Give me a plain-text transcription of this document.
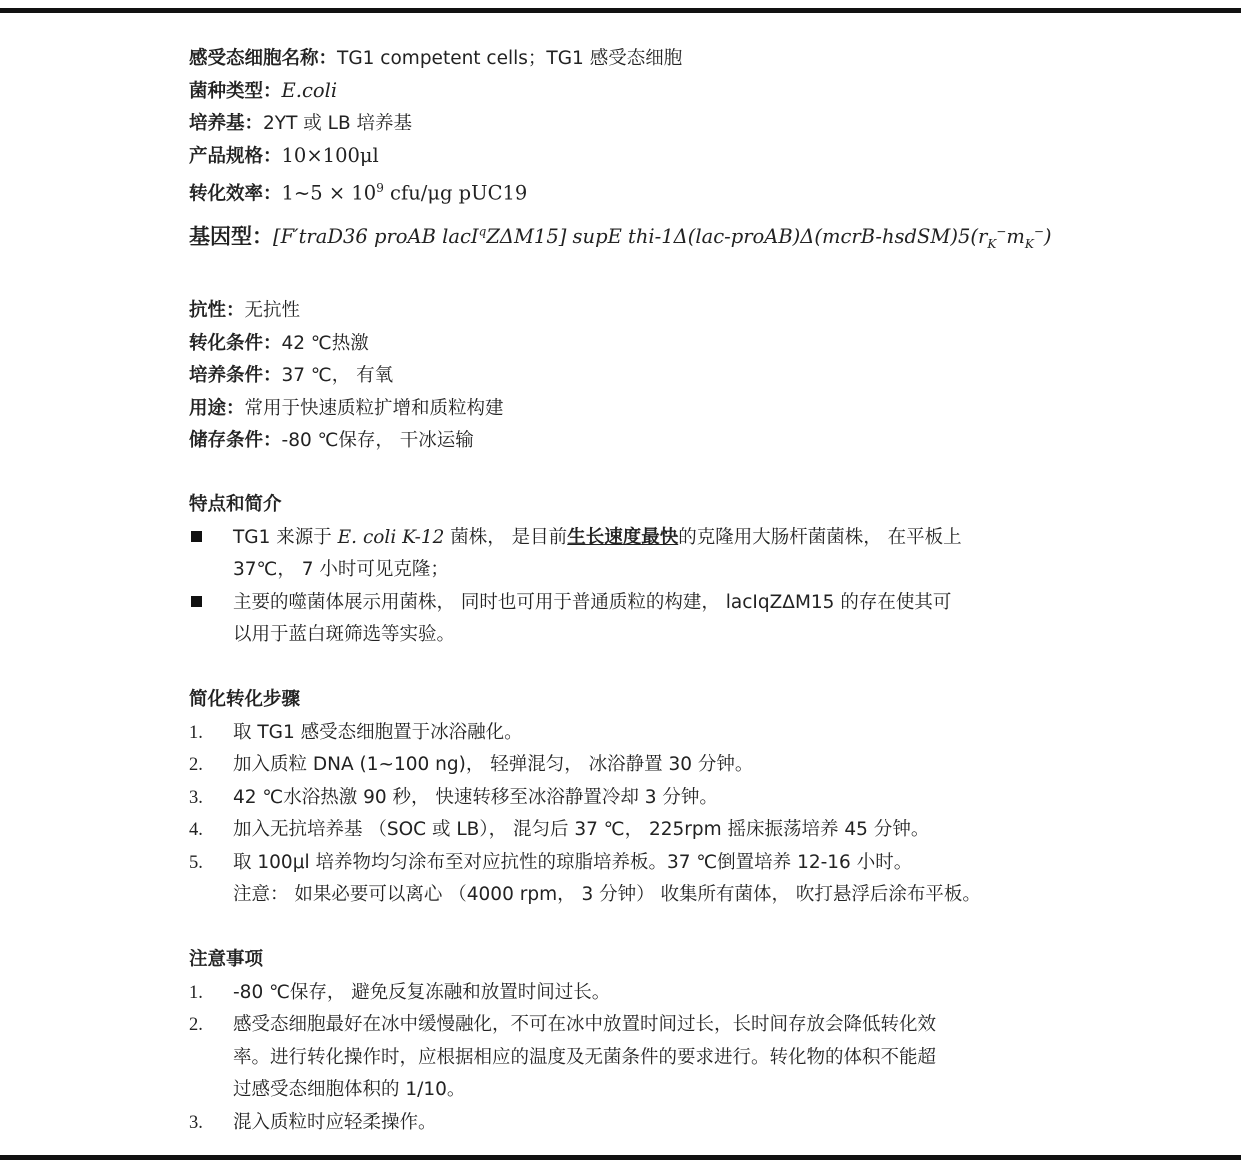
感受态细胞名称：TG1 competent cells；TG1 感受态细胞
菌种类型：E.coli
培养基：2YT 或 LB 培养基
产品规格：10×100μl
转化效率：1~5 × $10^9$ cfu/μg pUC19
基因型：[F′traD36 proAB lacI$^q$ZΔM15] supE thi-$1\Delta(lac-proAB)\Delta(mcrB-hsdSM)5(r_K^-m_K^-)$
抗性：无抗性
转化条件：42 ℃热激
培养条件：37 ℃， 有氧
用途：常用于快速质粒扩增和质粒构建
储存条件：-80 ℃保存， 干冰运输
特点和简介
TG1 来源于 E. coli K-12 菌株， 是目前生长速度最快的克隆用大肠杆菌菌株， 在平板上
37℃， 7 小时可见克隆；
主要的噬菌体展示用菌株， 同时也可用于普通质粒的构建， lacIqZΔM15 的存在使其可
以用于蓝白斑筛选等实验。
简化转化步骤
1.	取 TG1 感受态细胞置于冰浴融化。
2.	加入质粒 DNA (1~100 ng)， 轻弹混匀， 冰浴静置 30 分钟。
3.	42 ℃水浴热激 90 秒， 快速转移至冰浴静置冷却 3 分钟。
4.	加入无抗培养基 （SOC 或 LB）， 混匀后 37 ℃， 225rpm 摇床振荡培养 45 分钟。
5.	取 100μl 培养物均匀涂布至对应抗性的琼脂培养板。37 ℃倒置培养 12-16 小时。
注意： 如果必要可以离心 （4000 rpm， 3 分钟） 收集所有菌体， 吹打悬浮后涂布平板。
注意事项
1.	-80 ℃保存， 避免反复冻融和放置时间过长。
2.	感受态细胞最好在冰中缓慢融化，不可在冰中放置时间过长，长时间存放会降低转化效
率。进行转化操作时，应根据相应的温度及无菌条件的要求进行。转化物的体积不能超
过感受态细胞体积的 1/10。
3.	混入质粒时应轻柔操作。
